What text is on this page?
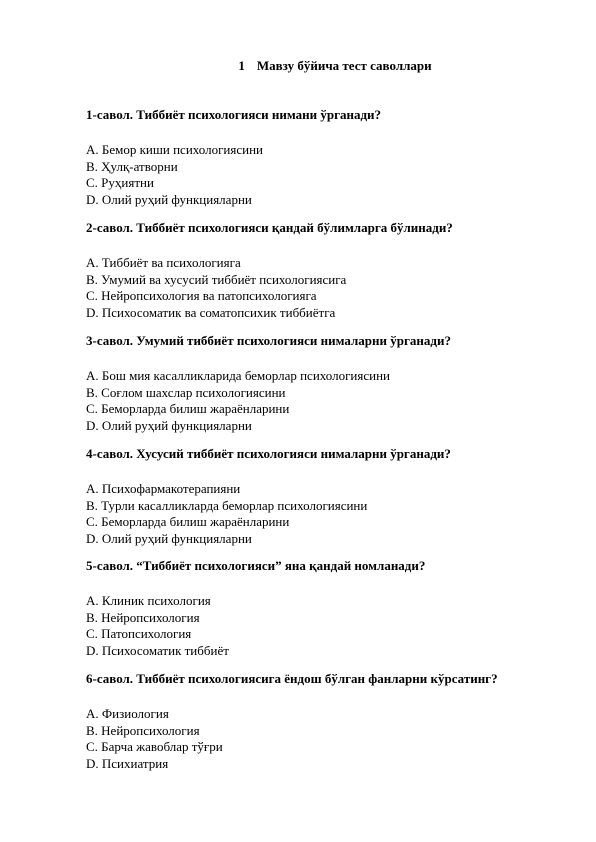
1 Мавзу бўйича тест саволлари
1-савол. Тиббиёт психологияси нимани ўрганади?
A. Бемор киши психологиясини
B. Ҳулқ-атворни
C. Руҳиятни
D. Олий руҳий функцияларни
2-савол. Тиббиёт психологияси қандай бўлимларга бўлинади?
A. Тиббиёт ва психологияга
B. Умумий ва хусусий тиббиёт психологиясига
C. Нейропсихология ва патопсихологияга
D. Психосоматик ва соматопсихик тиббиётга
3-савол. Умумий тиббиёт психологияси нималарни ўрганади?
A. Бош мия касалликларида беморлар психологиясини
B. Соғлом шахслар психологиясини
C. Беморларда билиш жараёнларини
D. Олий руҳий функцияларни
4-савол. Хусусий тиббиёт психологияси нималарни ўрганади?
A. Психофармакотерапияни
B. Турли касалликларда беморлар психологиясини
C. Беморларда билиш жараёнларини
D. Олий руҳий функцияларни
5-савол. “Тиббиёт психологияси” яна қандай номланади?
A. Клиник психология
B. Нейропсихология
C. Патопсихология
D. Психосоматик тиббиёт
6-савол. Тиббиёт психологиясига ёндош бўлган фанларни кўрсатинг?
A. Физиология
B. Нейропсихология
C. Барча жавоблар тўғри
D. Психиатрия
